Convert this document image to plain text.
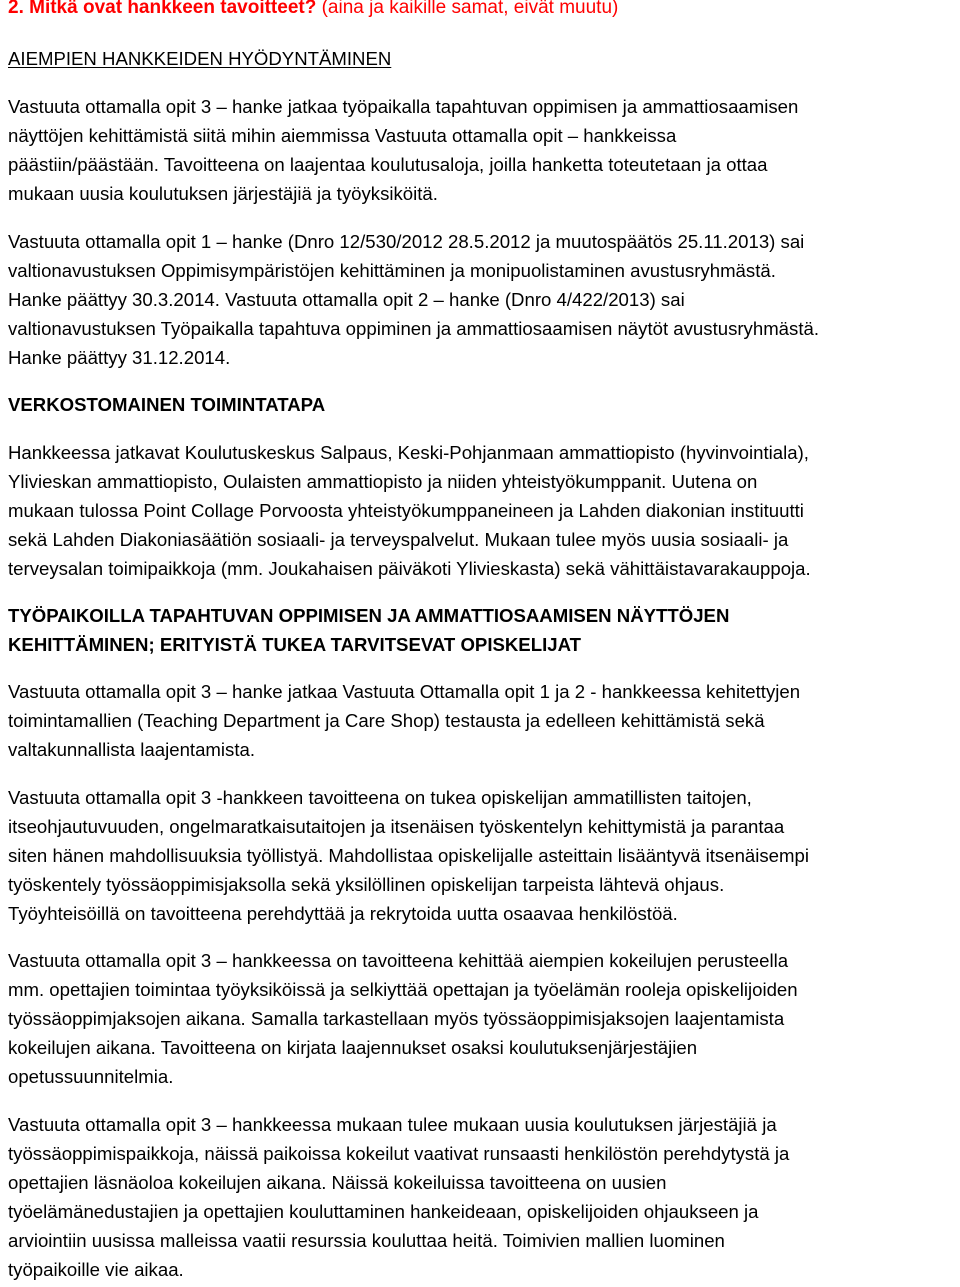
2. Mitkä ovat hankkeen tavoitteet? (aina ja kaikille samat, eivät muutu)
AIEMPIEN HANKKEIDEN HYÖDYNTÄMINEN
Vastuuta ottamalla opit 3 – hanke jatkaa työpaikalla tapahtuvan oppimisen ja ammattiosaamisen
näyttöjen kehittämistä siitä mihin aiemmissa Vastuuta ottamalla opit – hankkeissa
päästiin/päästään. Tavoitteena on laajentaa koulutusaloja, joilla hanketta toteutetaan ja ottaa
mukaan uusia koulutuksen järjestäjiä ja työyksiköitä.
Vastuuta ottamalla opit 1 – hanke (Dnro 12/530/2012 28.5.2012 ja muutospäätös 25.11.2013) sai
valtionavustuksen Oppimisympäristöjen kehittäminen ja monipuolistaminen avustusryhmästä.
Hanke päättyy 30.3.2014. Vastuuta ottamalla opit 2 – hanke (Dnro 4/422/2013) sai
valtionavustuksen Työpaikalla tapahtuva oppiminen ja ammattiosaamisen näytöt avustusryhmästä.
Hanke päättyy 31.12.2014.
VERKOSTOMAINEN TOIMINTATAPA
Hankkeessa jatkavat Koulutuskeskus Salpaus, Keski-Pohjanmaan ammattiopisto (hyvinvointiala),
Ylivieskan ammattiopisto, Oulaisten ammattiopisto ja niiden yhteistyökumppanit. Uutena on
mukaan tulossa Point Collage Porvoosta yhteistyökumppaneineen ja Lahden diakonian instituutti
sekä Lahden Diakoniasäätiön sosiaali- ja terveyspalvelut. Mukaan tulee myös uusia sosiaali- ja
terveysalan toimipaikkoja (mm. Joukahaisen päiväkoti Ylivieskasta) sekä vähittäistavarakauppoja.
TYÖPAIKOILLA TAPAHTUVAN OPPIMISEN JA AMMATTIOSAAMISEN NÄYTTÖJEN
KEHITTÄMINEN; ERITYISTÄ TUKEA TARVITSEVAT OPISKELIJAT
Vastuuta ottamalla opit 3 – hanke jatkaa Vastuuta Ottamalla opit 1 ja 2 - hankkeessa kehitettyjen
toimintamallien (Teaching Department ja Care Shop) testausta ja edelleen kehittämistä sekä
valtakunnallista laajentamista.
Vastuuta ottamalla opit 3 -hankkeen tavoitteena on tukea opiskelijan ammatillisten taitojen,
itseohjautuvuuden, ongelmaratkaisutaitojen ja itsenäisen työskentelyn kehittymistä ja parantaa
siten hänen mahdollisuuksia työllistyä. Mahdollistaa opiskelijalle asteittain lisääntyvä itsenäisempi
työskentely työssäoppimisjaksolla sekä yksilöllinen opiskelijan tarpeista lähtevä ohjaus.
Työyhteisöillä on tavoitteena perehdyttää ja rekrytoida uutta osaavaa henkilöstöä.
Vastuuta ottamalla opit 3 – hankkeessa on tavoitteena kehittää aiempien kokeilujen perusteella
mm. opettajien toimintaa työyksiköissä ja selkiyttää opettajan ja työelämän rooleja opiskelijoiden
työssäoppimjaksojen aikana. Samalla tarkastellaan myös työssäoppimisjaksojen laajentamista
kokeilujen aikana. Tavoitteena on kirjata laajennukset osaksi koulutuksenjärjestäjien
opetussuunnitelmia.
Vastuuta ottamalla opit 3 – hankkeessa mukaan tulee mukaan uusia koulutuksen järjestäjiä ja
työssäoppimispaikkoja, näissä paikoissa kokeilut vaativat runsaasti henkilöstön perehdytystä ja
opettajien läsnäoloa kokeilujen aikana. Näissä kokeiluissa tavoitteena on uusien
työelämänedustajien ja opettajien kouluttaminen hankeideaan, opiskelijoiden ohjaukseen ja
arviointiin uusissa malleissa vaatii resurssia kouluttaa heitä. Toimivien mallien luominen
työpaikoille vie aikaa.
